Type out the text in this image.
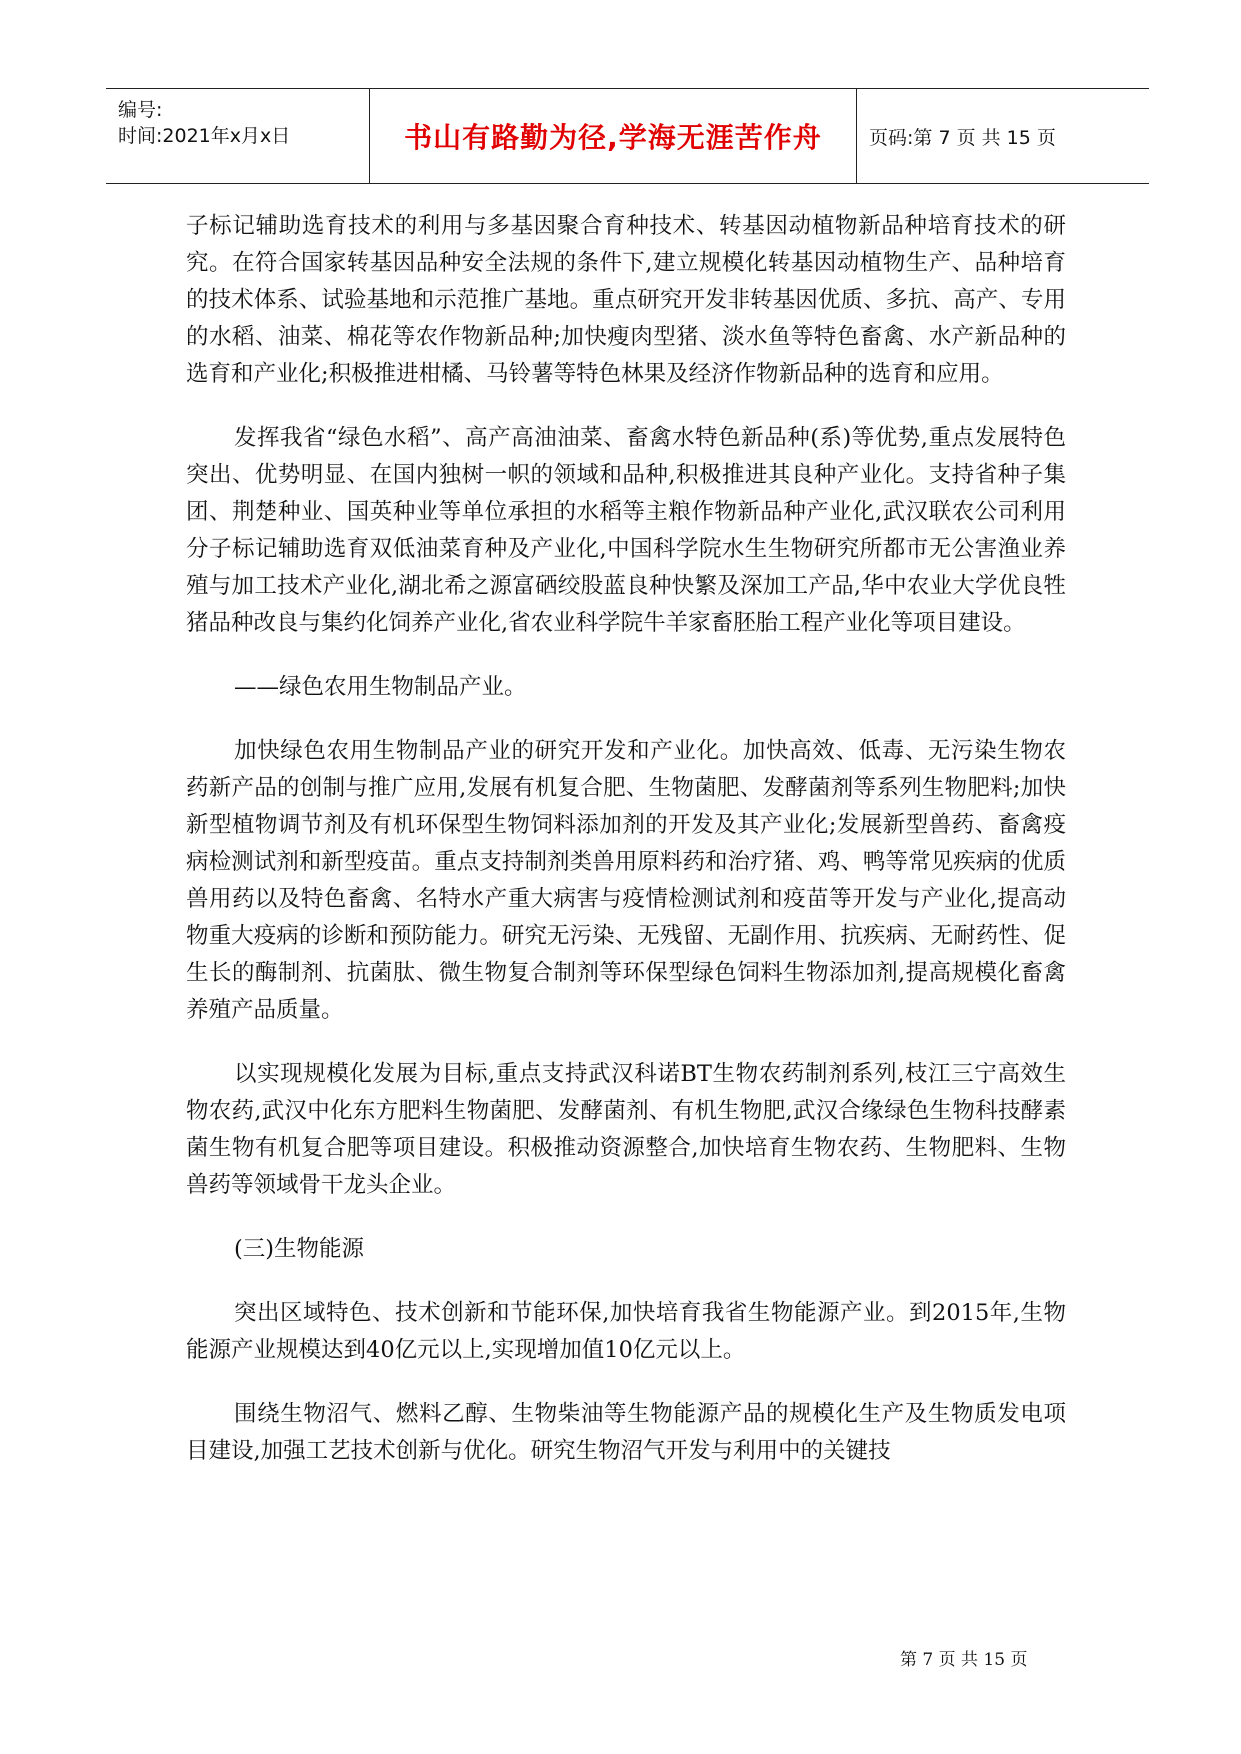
编号:
时间:2021年x月x日	书山有路勤为径,学海无涯苦作舟 页码:第 7 页 共 15 页

子标记辅助选育技术的利用与多基因聚合育种技术、转基因动植物新品种培育技术的研究。在符合国家转基因品种安全法规的条件下,建立规模化转基因动植物生产、品种培育的技术体系、试验基地和示范推广基地。重点研究开发非转基因优质、多抗、高产、专用的水稻、油菜、棉花等农作物新品种;加快瘦肉型猪、淡水鱼等特色畜禽、水产新品种的选育和产业化;积极推进柑橘、马铃薯等特色林果及经济作物新品种的选育和应用。

发挥我省“绿色水稻”、高产高油油菜、畜禽水特色新品种(系)等优势,重点发展特色突出、优势明显、在国内独树一帜的领域和品种,积极推进其良种产业化。支持省种子集团、荆楚种业、国英种业等单位承担的水稻等主粮作物新品种产业化,武汉联农公司利用分子标记辅助选育双低油菜育种及产业化,中国科学院水生生物研究所都市无公害渔业养殖与加工技术产业化,湖北希之源富硒绞股蓝良种快繁及深加工产品,华中农业大学优良牲猪品种改良与集约化饲养产业化,省农业科学院牛羊家畜胚胎工程产业化等项目建设。

——绿色农用生物制品产业。

加快绿色农用生物制品产业的研究开发和产业化。加快高效、低毒、无污染生物农药新产品的创制与推广应用,发展有机复合肥、生物菌肥、发酵菌剂等系列生物肥料;加快新型植物调节剂及有机环保型生物饲料添加剂的开发及其产业化;发展新型兽药、畜禽疫病检测试剂和新型疫苗。重点支持制剂类兽用原料药和治疗猪、鸡、鸭等常见疾病的优质兽用药以及特色畜禽、名特水产重大病害与疫情检测试剂和疫苗等开发与产业化,提高动物重大疫病的诊断和预防能力。研究无污染、无残留、无副作用、抗疾病、无耐药性、促生长的酶制剂、抗菌肽、微生物复合制剂等环保型绿色饲料生物添加剂,提高规模化畜禽养殖产品质量。

以实现规模化发展为目标,重点支持武汉科诺BT生物农药制剂系列,枝江三宁高效生物农药,武汉中化东方肥料生物菌肥、发酵菌剂、有机生物肥,武汉合缘绿色生物科技酵素菌生物有机复合肥等项目建设。积极推动资源整合,加快培育生物农药、生物肥料、生物兽药等领域骨干龙头企业。

(三)生物能源

突出区域特色、技术创新和节能环保,加快培育我省生物能源产业。到2015年,生物能源产业规模达到40亿元以上,实现增加值10亿元以上。

围绕生物沼气、燃料乙醇、生物柴油等生物能源产品的规模化生产及生物质发电项目建设,加强工艺技术创新与优化。研究生物沼气开发与利用中的关键技

第 7 页 共 15 页
